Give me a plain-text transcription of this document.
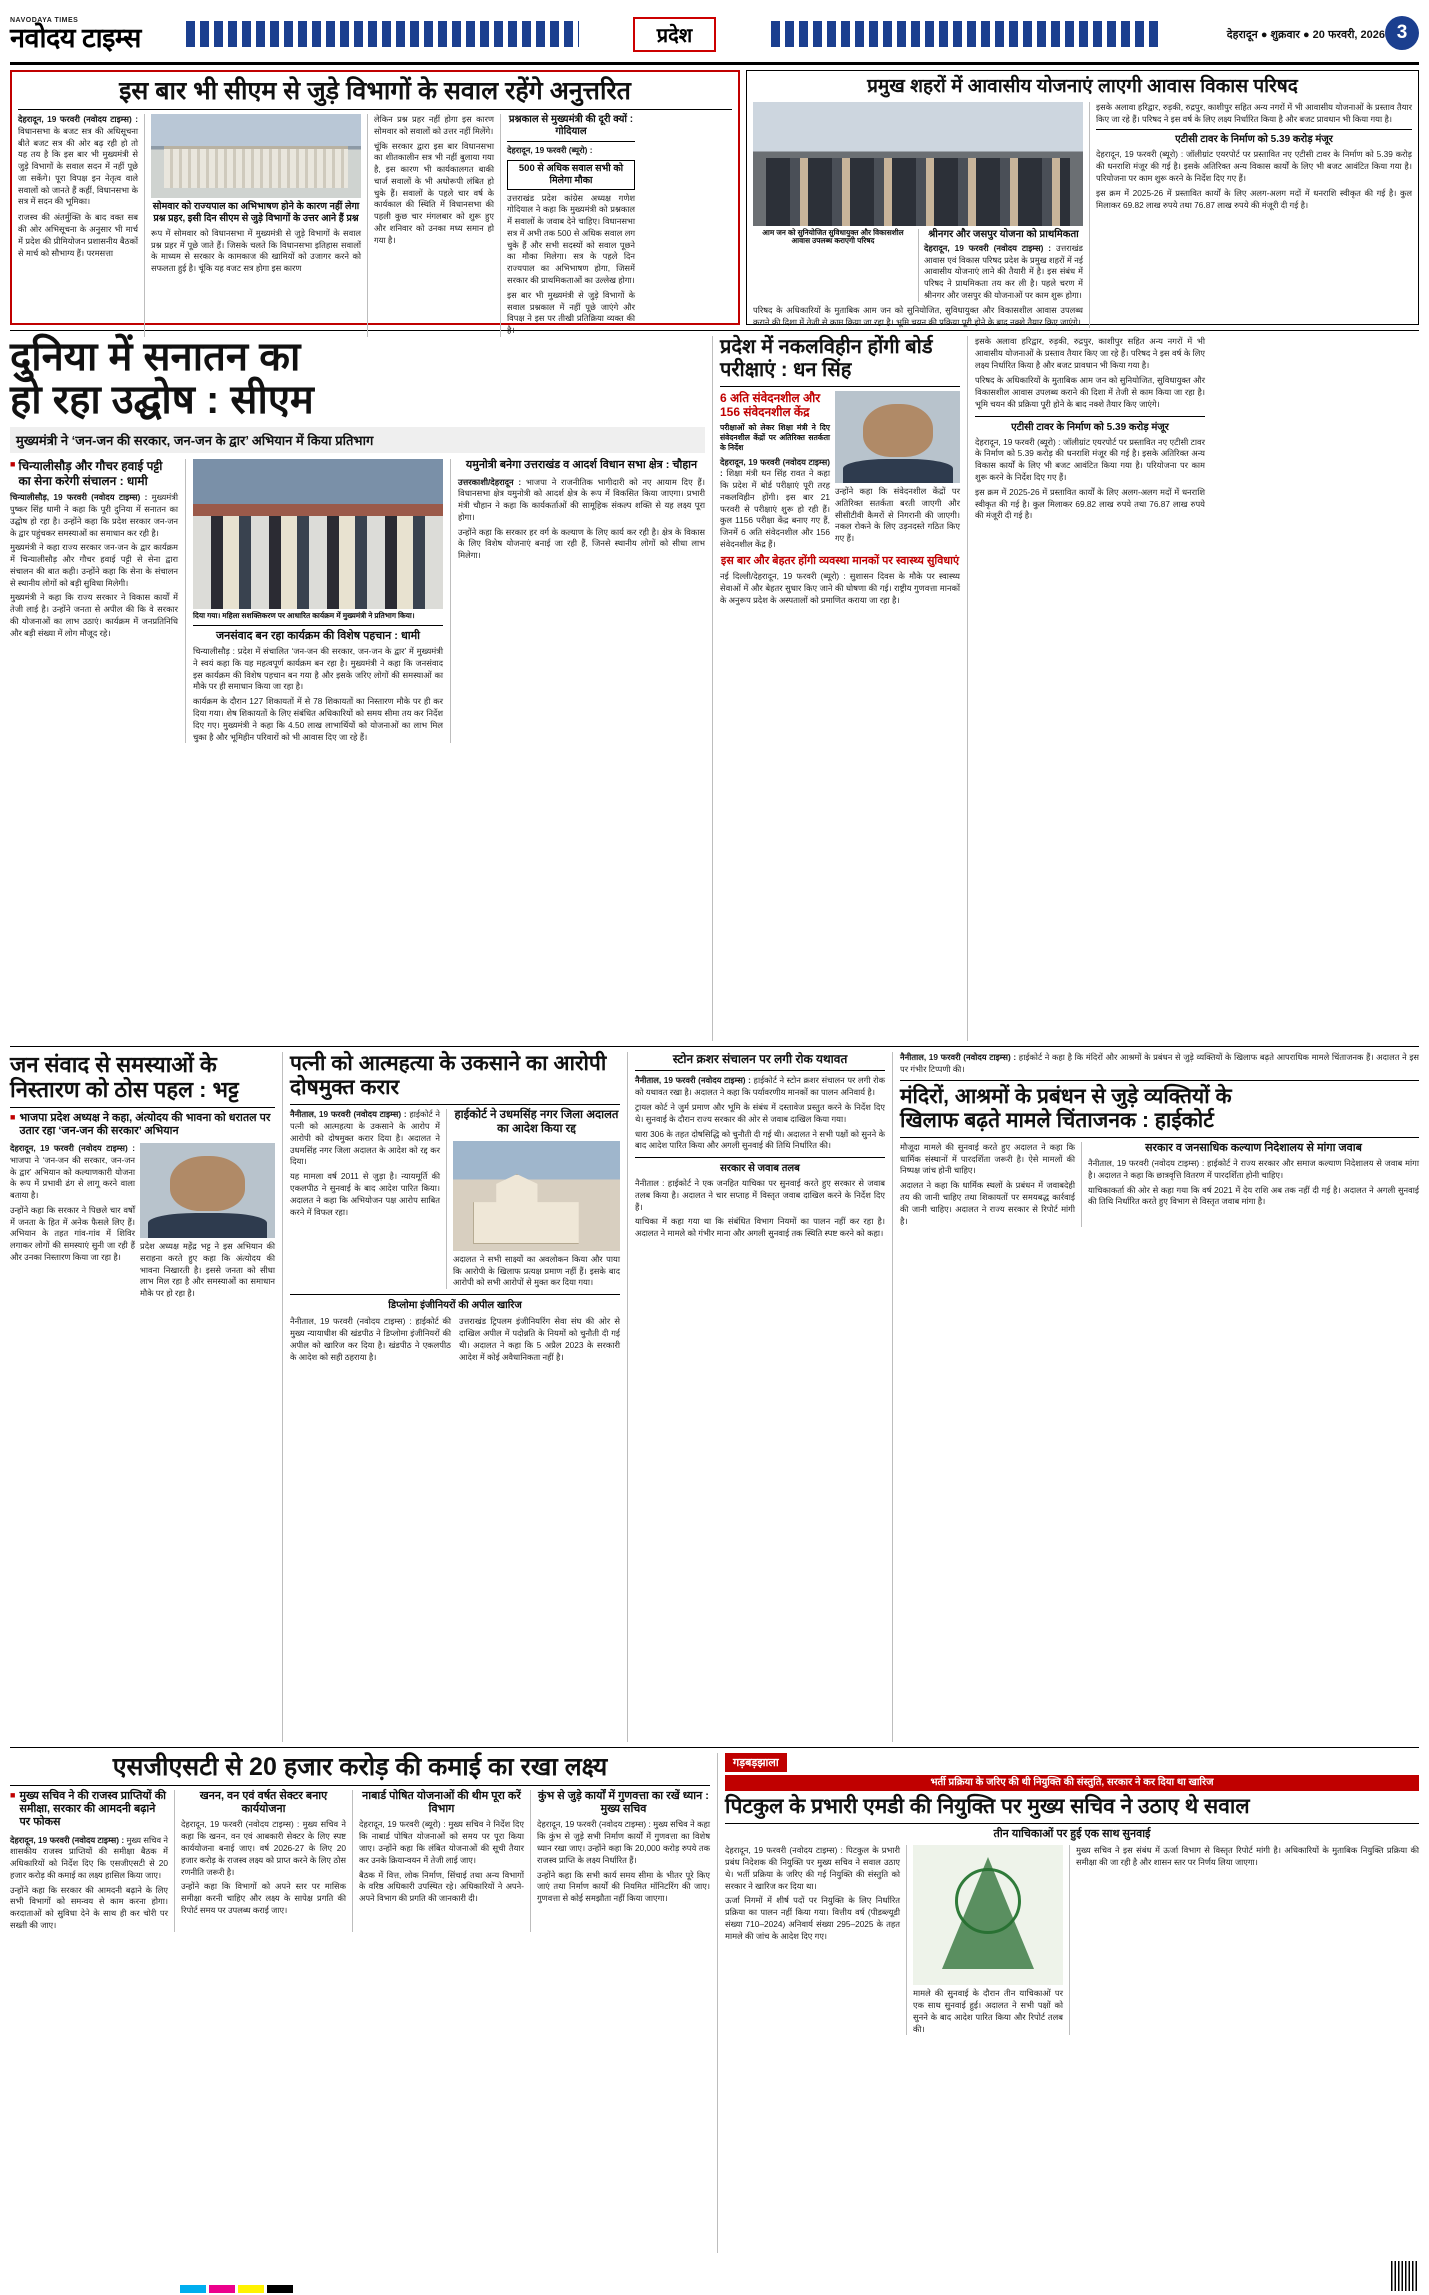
NAVODAYA TIMES
नवोदय टाइम्स	प्रदेश	देहरादून ● शुक्रवार ● 20 फरवरी, 2026 3
इस बार भी सीएम से जुड़े विभागों के सवाल रहेंगे अनुत्तरित
देहरादून, 19 फरवरी (नवोदय टाइम्स) : विधानसभा के बजट सत्र की अधिसूचना बीते बजट सत्र की ओर बढ़ रही हो तो यह तय है कि इस बार भी मुख्यमंत्री से जुड़े विभागों के सवाल सदन में नहीं पूछे जा सकेंगे। पूरा विपक्ष इन नेतृत्व वाले सवालों को जानते हैं कहीं, विधानसभा के सत्र में सदन की भूमिका।
राजस्व की अंतर्मुक्ति के बाद वक्त सब की ओर अभिसूचना के अनुसार भी मार्च में प्रदेश की प्रीमियोजन प्रशासनीय बैठकों से मार्च को सौभाग्य हैं। परमसत्ता
सोमवार को राज्यपाल का अभिभाषण होने के कारण नहीं लेगा प्रश्न प्रहर, इसी दिन सीएम से जुड़े विभागों के उत्तर आने हैं प्रश्न
रूप में सोमवार को विधानसभा में मुख्यमंत्री से जुड़े विभागों के सवाल प्रश्न प्रहर में पूछे जाते हैं। जिसके चलते कि विधानसभा इतिहास सवालों के माध्यम से सरकार के कामकाज की खामियों को उजागर करने को सफलता हुई है। चूंकि यह वजट सत्र होगा इस कारण
लेकिन प्रश्न प्रहर नहीं होगा इस कारण सोमवार को सवालों को उत्तर नहीं मिलेंगे।
चूंकि सरकार द्वारा इस बार विधानसभा का शीतकालीन सत्र भी नहीं बुलाया गया है, इस कारण भी कार्यकालगत बाकी चार्ज सवालों के भी अधोरूपी लंबित हो चुके हैं। सवालों के पहले चार वर्ष के कार्यकाल की स्थिति में विधानसभा की पहली कुछ चार मंगलबार को शुरू हुए और शनिवार को उनका मध्य समान हो गया है।
प्रश्नकाल से मुख्यमंत्री की दूरी क्यों : गोदियाल
देहरादून, 19 फरवरी (ब्यूरो) :
500 से अधिक सवाल सभी को मिलेगा मौका
उत्तराखंड प्रदेश कांग्रेस अध्यक्ष गणेश गोदियाल ने कहा कि मुख्यमंत्री को प्रश्नकाल में सवालों के जवाब देने चाहिए। विधानसभा सत्र में अभी तक 500 से अधिक सवाल लग चुके हैं और सभी सदस्यों को सवाल पूछने का मौका मिलेगा। सत्र के पहले दिन राज्यपाल का अभिभाषण होगा, जिसमें सरकार की प्राथमिकताओं का उल्लेख होगा।
इस बार भी मुख्यमंत्री से जुड़े विभागों के सवाल प्रश्नकाल में नहीं पूछे जाएंगे और विपक्ष ने इस पर तीखी प्रतिक्रिया व्यक्त की है।
प्रमुख शहरों में आवासीय योजनाएं लाएगी आवास विकास परिषद
आम जन को सुनियोजित सुविधायुक्त और विकासशील आवास उपलब्ध कराएगी परिषद
श्रीनगर और जसपुर योजना को प्राथमिकता
देहरादून, 19 फरवरी (नवोदय टाइम्स) : उत्तराखंड आवास एवं विकास परिषद प्रदेश के प्रमुख शहरों में नई आवासीय योजनाएं लाने की तैयारी में है। इस संबंध में परिषद ने प्राथमिकता तय कर ली है। पहले चरण में श्रीनगर और जसपुर की योजनाओं पर काम शुरू होगा।
परिषद के अधिकारियों के मुताबिक आम जन को सुनियोजित, सुविधायुक्त और विकासशील आवास उपलब्ध कराने की दिशा में तेजी से काम किया जा रहा है। भूमि चयन की प्रक्रिया पूरी होने के बाद नक्शे तैयार किए जाएंगे।
इसके अलावा हरिद्वार, रुड़की, रुद्रपुर, काशीपुर सहित अन्य नगरों में भी आवासीय योजनाओं के प्रस्ताव तैयार किए जा रहे हैं। परिषद ने इस वर्ष के लिए लक्ष्य निर्धारित किया है और बजट प्रावधान भी किया गया है।
एटीसी टावर के निर्माण को 5.39 करोड़ मंजूर
देहरादून, 19 फरवरी (ब्यूरो) : जॉलीग्रांट एयरपोर्ट पर प्रस्तावित नए एटीसी टावर के निर्माण को 5.39 करोड़ की धनराशि मंजूर की गई है। इसके अतिरिक्त अन्य विकास कार्यों के लिए भी बजट आवंटित किया गया है। परियोजना पर काम शुरू करने के निर्देश दिए गए हैं।
इस क्रम में 2025-26 में प्रस्तावित कार्यों के लिए अलग-अलग मदों में धनराशि स्वीकृत की गई है। कुल मिलाकर 69.82 लाख रुपये तथा 76.87 लाख रुपये की मंजूरी दी गई है।
दुनिया में सनातन का
हो रहा उद्घोष : सीएम
मुख्यमंत्री ने ‘जन-जन की सरकार, जन-जन के द्वार’ अभियान में किया प्रतिभाग
■ चिन्यालीसौड़ और गौचर हवाई पट्टी का सेना करेगी संचालन : धामी
चिन्यालीसौड़, 19 फरवरी (नवोदय टाइम्स) : मुख्यमंत्री पुष्कर सिंह धामी ने कहा कि पूरी दुनिया में सनातन का उद्घोष हो रहा है। उन्होंने कहा कि प्रदेश सरकार जन-जन के द्वार पहुंचकर समस्याओं का समाधान कर रही है।
मुख्यमंत्री ने कहा राज्य सरकार जन-जन के द्वार कार्यक्रम में चिन्यालीसौड़ और गौचर हवाई पट्टी से सेना द्वारा संचालन की बात कही। उन्होंने कहा कि सेना के संचालन से स्थानीय लोगों को बड़ी सुविधा मिलेगी।
मुख्यमंत्री ने कहा कि राज्य सरकार ने विकास कार्यों में तेजी लाई है। उन्होंने जनता से अपील की कि वे सरकार की योजनाओं का लाभ उठाएं। कार्यक्रम में जनप्रतिनिधि और बड़ी संख्या में लोग मौजूद रहे।
दिया गया। महिला सशक्तिकरण पर आधारित कार्यक्रम में मुख्यमंत्री ने प्रतिभाग किया।
जनसंवाद बन रहा कार्यक्रम की विशेष पहचान : धामी
चिन्यालीसौड़ : प्रदेश में संचालित ‘जन-जन की सरकार, जन-जन के द्वार’ में मुख्यमंत्री ने स्वयं कहा कि यह महत्वपूर्ण कार्यक्रम बन रहा है। मुख्यमंत्री ने कहा कि जनसंवाद इस कार्यक्रम की विशेष पहचान बन गया है और इसके जरिए लोगों की समस्याओं का मौके पर ही समाधान किया जा रहा है।
कार्यक्रम के दौरान 127 शिकायतों में से 78 शिकायतों का निस्तारण मौके पर ही कर दिया गया। शेष शिकायतों के लिए संबंधित अधिकारियों को समय सीमा तय कर निर्देश दिए गए। मुख्यमंत्री ने कहा कि 4.50 लाख लाभार्थियों को योजनाओं का लाभ मिल चुका है और भूमिहीन परिवारों को भी आवास दिए जा रहे हैं।
यमुनोत्री बनेगा उत्तराखंड व आदर्श विधान सभा क्षेत्र : चौहान
उत्तरकाशी/देहरादून : भाजपा ने राजनीतिक भागीदारी को नए आयाम दिए हैं। विधानसभा क्षेत्र यमुनोत्री को आदर्श क्षेत्र के रूप में विकसित किया जाएगा। प्रभारी मंत्री चौहान ने कहा कि कार्यकर्ताओं की सामूहिक संकल्प शक्ति से यह लक्ष्य पूरा होगा।
उन्होंने कहा कि सरकार हर वर्ग के कल्याण के लिए कार्य कर रही है। क्षेत्र के विकास के लिए विशेष योजनाएं बनाई जा रही हैं, जिनसे स्थानीय लोगों को सीधा लाभ मिलेगा।
प्रदेश में नकलविहीन होंगी बोर्ड परीक्षाएं : धन सिंह
6 अति संवेदनशील और 156 संवेदनशील केंद्र
परीक्षाओं को लेकर शिक्षा मंत्री ने दिए संवेदनशील केंद्रों पर अतिरिक्त सतर्कता के निर्देश
देहरादून, 19 फरवरी (नवोदय टाइम्स) : शिक्षा मंत्री धन सिंह रावत ने कहा कि प्रदेश में बोर्ड परीक्षाएं पूरी तरह नकलविहीन होंगी। इस बार 21 फरवरी से परीक्षाएं शुरू हो रही हैं। कुल 1156 परीक्षा केंद्र बनाए गए हैं, जिनमें 6 अति संवेदनशील और 156 संवेदनशील केंद्र हैं।
उन्होंने कहा कि संवेदनशील केंद्रों पर अतिरिक्त सतर्कता बरती जाएगी और सीसीटीवी कैमरों से निगरानी की जाएगी। नकल रोकने के लिए उड़नदस्ते गठित किए गए हैं।
इस बार और बेहतर होंगी व्यवस्था मानकों पर स्वास्थ्य सुविधाएं
नई दिल्ली/देहरादून, 19 फरवरी (ब्यूरो) : सुशासन दिवस के मौके पर स्वास्थ्य सेवाओं में और बेहतर सुधार किए जाने की घोषणा की गई। राष्ट्रीय गुणवत्ता मानकों के अनुरूप प्रदेश के अस्पतालों को प्रमाणित कराया जा रहा है।
इसके अलावा हरिद्वार, रुड़की, रुद्रपुर, काशीपुर सहित अन्य नगरों में भी आवासीय योजनाओं के प्रस्ताव तैयार किए जा रहे हैं। परिषद ने इस वर्ष के लिए लक्ष्य निर्धारित किया है और बजट प्रावधान भी किया गया है।
परिषद के अधिकारियों के मुताबिक आम जन को सुनियोजित, सुविधायुक्त और विकासशील आवास उपलब्ध कराने की दिशा में तेजी से काम किया जा रहा है। भूमि चयन की प्रक्रिया पूरी होने के बाद नक्शे तैयार किए जाएंगे।
एटीसी टावर के निर्माण को 5.39 करोड़ मंजूर
देहरादून, 19 फरवरी (ब्यूरो) : जॉलीग्रांट एयरपोर्ट पर प्रस्तावित नए एटीसी टावर के निर्माण को 5.39 करोड़ की धनराशि मंजूर की गई है। इसके अतिरिक्त अन्य विकास कार्यों के लिए भी बजट आवंटित किया गया है। परियोजना पर काम शुरू करने के निर्देश दिए गए हैं।
इस क्रम में 2025-26 में प्रस्तावित कार्यों के लिए अलग-अलग मदों में धनराशि स्वीकृत की गई है। कुल मिलाकर 69.82 लाख रुपये तथा 76.87 लाख रुपये की मंजूरी दी गई है।
जन संवाद से समस्याओं के निस्तारण को ठोस पहल : भट्ट
■ भाजपा प्रदेश अध्यक्ष ने कहा, अंत्योदय की भावना को धरातल पर उतार रहा ‘जन-जन की सरकार’ अभियान
देहरादून, 19 फरवरी (नवोदय टाइम्स) : भाजपा ने ‘जन-जन की सरकार, जन-जन के द्वार’ अभियान को कल्याणकारी योजना के रूप में प्रभावी ढंग से लागू करने वाला बताया है।
उन्होंने कहा कि सरकार ने पिछले चार वर्षों में जनता के हित में अनेक फैसले लिए हैं। अभियान के तहत गांव-गांव में शिविर लगाकर लोगों की समस्याएं सुनी जा रही हैं और उनका निस्तारण किया जा रहा है।
प्रदेश अध्यक्ष महेंद्र भट्ट ने इस अभियान की सराहना करते हुए कहा कि अंत्योदय की भावना निखारती है। इससे जनता को सीधा लाभ मिल रहा है और समस्याओं का समाधान मौके पर हो रहा है।
पत्नी को आत्महत्या के उकसाने का आरोपी दोषमुक्त करार
नैनीताल, 19 फरवरी (नवोदय टाइम्स) : हाईकोर्ट ने पत्नी को आत्महत्या के उकसाने के आरोप में आरोपी को दोषमुक्त करार दिया है। अदालत ने उधमसिंह नगर जिला अदालत के आदेश को रद्द कर दिया।
यह मामला वर्ष 2011 से जुड़ा है। न्यायमूर्ति की एकलपीठ ने सुनवाई के बाद आदेश पारित किया। अदालत ने कहा कि अभियोजन पक्ष आरोप साबित करने में विफल रहा।
हाईकोर्ट ने उधमसिंह नगर जिला अदालत का आदेश किया रद्द
अदालत ने सभी साक्ष्यों का अवलोकन किया और पाया कि आरोपी के खिलाफ प्रत्यक्ष प्रमाण नहीं हैं। इसके बाद आरोपी को सभी आरोपों से मुक्त कर दिया गया।
डिप्लोमा इंजीनियरों की अपील खारिज
नैनीताल, 19 फरवरी (नवोदय टाइम्स) : हाईकोर्ट की मुख्य न्यायाधीश की खंडपीठ ने डिप्लोमा इंजीनियरों की अपील को खारिज कर दिया है। खंडपीठ ने एकलपीठ के आदेश को सही ठहराया है।
उत्तराखंड ट्रिपलम इंजीनियरिंग सेवा संघ की ओर से दाखिल अपील में पदोन्नति के नियमों को चुनौती दी गई थी। अदालत ने कहा कि 5 अप्रैल 2023 के सरकारी आदेश में कोई अवैधानिकता नहीं है।
स्टोन क्रशर संचालन पर लगी रोक यथावत
नैनीताल, 19 फरवरी (नवोदय टाइम्स) : हाईकोर्ट ने स्टोन क्रशर संचालन पर लगी रोक को यथावत रखा है। अदालत ने कहा कि पर्यावरणीय मानकों का पालन अनिवार्य है।
ट्रायल कोर्ट ने जुर्म प्रमाण और भूमि के संबंध में दस्तावेज प्रस्तुत करने के निर्देश दिए थे। सुनवाई के दौरान राज्य सरकार की ओर से जवाब दाखिल किया गया।
धारा 306 के तहत दोषसिद्धि को चुनौती दी गई थी। अदालत ने सभी पक्षों को सुनने के बाद आदेश पारित किया और अगली सुनवाई की तिथि निर्धारित की।
सरकार से जवाब तलब
नैनीताल : हाईकोर्ट ने एक जनहित याचिका पर सुनवाई करते हुए सरकार से जवाब तलब किया है। अदालत ने चार सप्ताह में विस्तृत जवाब दाखिल करने के निर्देश दिए हैं।
याचिका में कहा गया था कि संबंधित विभाग नियमों का पालन नहीं कर रहा है। अदालत ने मामले को गंभीर माना और अगली सुनवाई तक स्थिति स्पष्ट करने को कहा।
नैनीताल, 19 फरवरी (नवोदय टाइम्स) : हाईकोर्ट ने कहा है कि मंदिरों और आश्रमों के प्रबंधन से जुड़े व्यक्तियों के खिलाफ बढ़ते आपराधिक मामले चिंताजनक हैं। अदालत ने इस पर गंभीर टिप्पणी की।
मंदिरों, आश्रमों के प्रबंधन से जुड़े व्यक्तियों के
खिलाफ बढ़ते मामले चिंताजनक : हाईकोर्ट
मौजूदा मामले की सुनवाई करते हुए अदालत ने कहा कि धार्मिक संस्थानों में पारदर्शिता जरूरी है। ऐसे मामलों की निष्पक्ष जांच होनी चाहिए।
अदालत ने कहा कि धार्मिक स्थलों के प्रबंधन में जवाबदेही तय की जानी चाहिए तथा शिकायतों पर समयबद्ध कार्रवाई की जानी चाहिए। अदालत ने राज्य सरकार से रिपोर्ट मांगी है।
सरकार व जनसाधिक कल्याण निदेशालय से मांगा जवाब
नैनीताल, 19 फरवरी (नवोदय टाइम्स) : हाईकोर्ट ने राज्य सरकार और समाज कल्याण निदेशालय से जवाब मांगा है। अदालत ने कहा कि छात्रवृत्ति वितरण में पारदर्शिता होनी चाहिए।
याचिकाकर्ता की ओर से कहा गया कि वर्ष 2021 में देय राशि अब तक नहीं दी गई है। अदालत ने अगली सुनवाई की तिथि निर्धारित करते हुए विभाग से विस्तृत जवाब मांगा है।
एसजीएसटी से 20 हजार करोड़ की कमाई का रखा लक्ष्य
■ मुख्य सचिव ने की राजस्व प्राप्तियों की समीक्षा, सरकार की आमदनी बढ़ाने पर फोकस
देहरादून, 19 फरवरी (नवोदय टाइम्स) : मुख्य सचिव ने शासकीय राजस्व प्राप्तियों की समीक्षा बैठक में अधिकारियों को निर्देश दिए कि एसजीएसटी से 20 हजार करोड़ की कमाई का लक्ष्य हासिल किया जाए।
उन्होंने कहा कि सरकार की आमदनी बढ़ाने के लिए सभी विभागों को समन्वय से काम करना होगा। करदाताओं को सुविधा देने के साथ ही कर चोरी पर सख्ती की जाए।
खनन, वन एवं वर्षत सेक्टर बनाए कार्ययोजना
देहरादून, 19 फरवरी (नवोदय टाइम्स) : मुख्य सचिव ने कहा कि खनन, वन एवं आबकारी सेक्टर के लिए स्पष्ट कार्ययोजना बनाई जाए। वर्ष 2026-27 के लिए 20 हजार करोड़ के राजस्व लक्ष्य को प्राप्त करने के लिए ठोस रणनीति जरूरी है।
उन्होंने कहा कि विभागों को अपने स्तर पर मासिक समीक्षा करनी चाहिए और लक्ष्य के सापेक्ष प्रगति की रिपोर्ट समय पर उपलब्ध कराई जाए।
नाबार्ड पोषित योजनाओं की थीम पूरा करें विभाग
देहरादून, 19 फरवरी (ब्यूरो) : मुख्य सचिव ने निर्देश दिए कि नाबार्ड पोषित योजनाओं को समय पर पूरा किया जाए। उन्होंने कहा कि लंबित योजनाओं की सूची तैयार कर उनके क्रियान्वयन में तेजी लाई जाए।
बैठक में वित्त, लोक निर्माण, सिंचाई तथा अन्य विभागों के वरिष्ठ अधिकारी उपस्थित रहे। अधिकारियों ने अपने-अपने विभाग की प्रगति की जानकारी दी।
कुंभ से जुड़े कार्यों में गुणवत्ता का रखें ध्यान : मुख्य सचिव
देहरादून, 19 फरवरी (नवोदय टाइम्स) : मुख्य सचिव ने कहा कि कुंभ से जुड़े सभी निर्माण कार्यों में गुणवत्ता का विशेष ध्यान रखा जाए। उन्होंने कहा कि 20,000 करोड़ रुपये तक राजस्व प्राप्ति के लक्ष्य निर्धारित हैं।
उन्होंने कहा कि सभी कार्य समय सीमा के भीतर पूरे किए जाएं तथा निर्माण कार्यों की नियमित मॉनिटरिंग की जाए। गुणवत्ता से कोई समझौता नहीं किया जाएगा।
गड़बड़झाला
भर्ती प्रक्रिया के जरिए की थी नियुक्ति की संस्तुति, सरकार ने कर दिया था खारिज
पिटकुल के प्रभारी एमडी की नियुक्ति पर मुख्य सचिव ने उठाए थे सवाल
तीन याचिकाओं पर हुई एक साथ सुनवाई
देहरादून, 19 फरवरी (नवोदय टाइम्स) : पिटकुल के प्रभारी प्रबंध निदेशक की नियुक्ति पर मुख्य सचिव ने सवाल उठाए थे। भर्ती प्रक्रिया के जरिए की गई नियुक्ति की संस्तुति को सरकार ने खारिज कर दिया था।
ऊर्जा निगमों में शीर्ष पदों पर नियुक्ति के लिए निर्धारित प्रक्रिया का पालन नहीं किया गया। वित्तीय वर्ष (पीडब्ल्यूडी संख्या 710–2024) अनिवार्य संख्या 295–2025 के तहत मामले की जांच के आदेश दिए गए।
मामले की सुनवाई के दौरान तीन याचिकाओं पर एक साथ सुनवाई हुई। अदालत ने सभी पक्षों को सुनने के बाद आदेश पारित किया और रिपोर्ट तलब की।
मुख्य सचिव ने इस संबंध में ऊर्जा विभाग से विस्तृत रिपोर्ट मांगी है। अधिकारियों के मुताबिक नियुक्ति प्रक्रिया की समीक्षा की जा रही है और शासन स्तर पर निर्णय लिया जाएगा।
